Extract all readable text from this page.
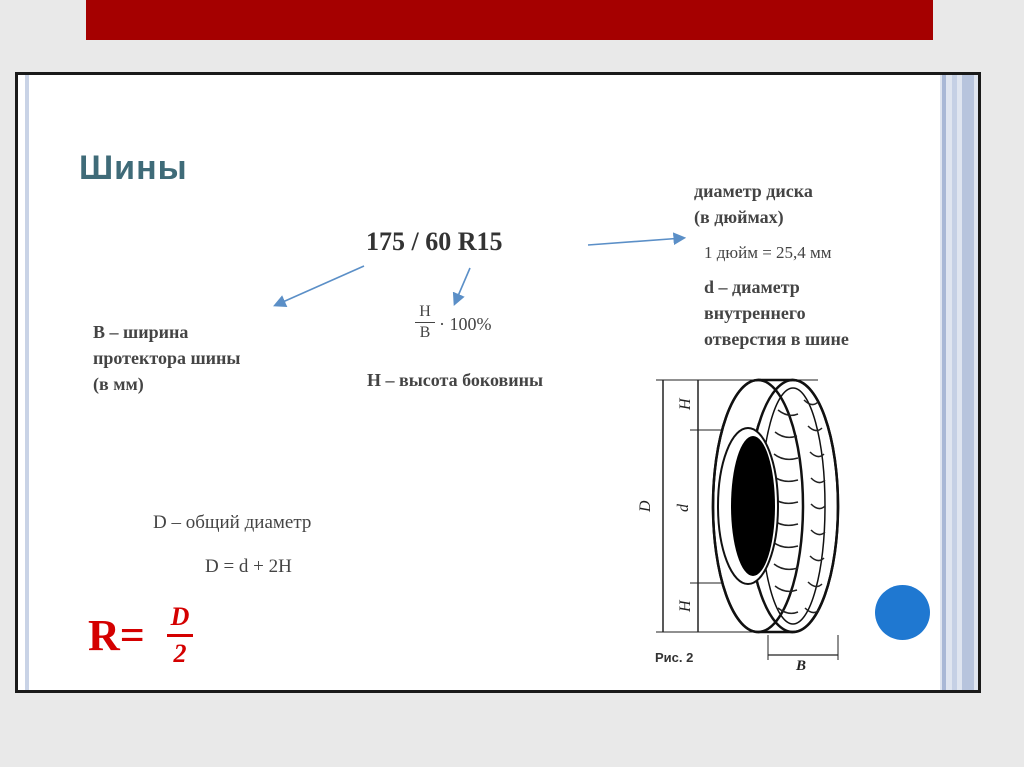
Шины
175 / 60 R15
диаметр диска
(в дюймах)
1 дюйм = 25,4 мм
d – диаметр
внутреннего
отверстия в шине
B – ширина
протектора шины
(в мм)
H
B · 100%
H – высота боковины
D – общий диаметр
D = d + 2H
R= D
2
D d
H
H
B
Рис. 2
